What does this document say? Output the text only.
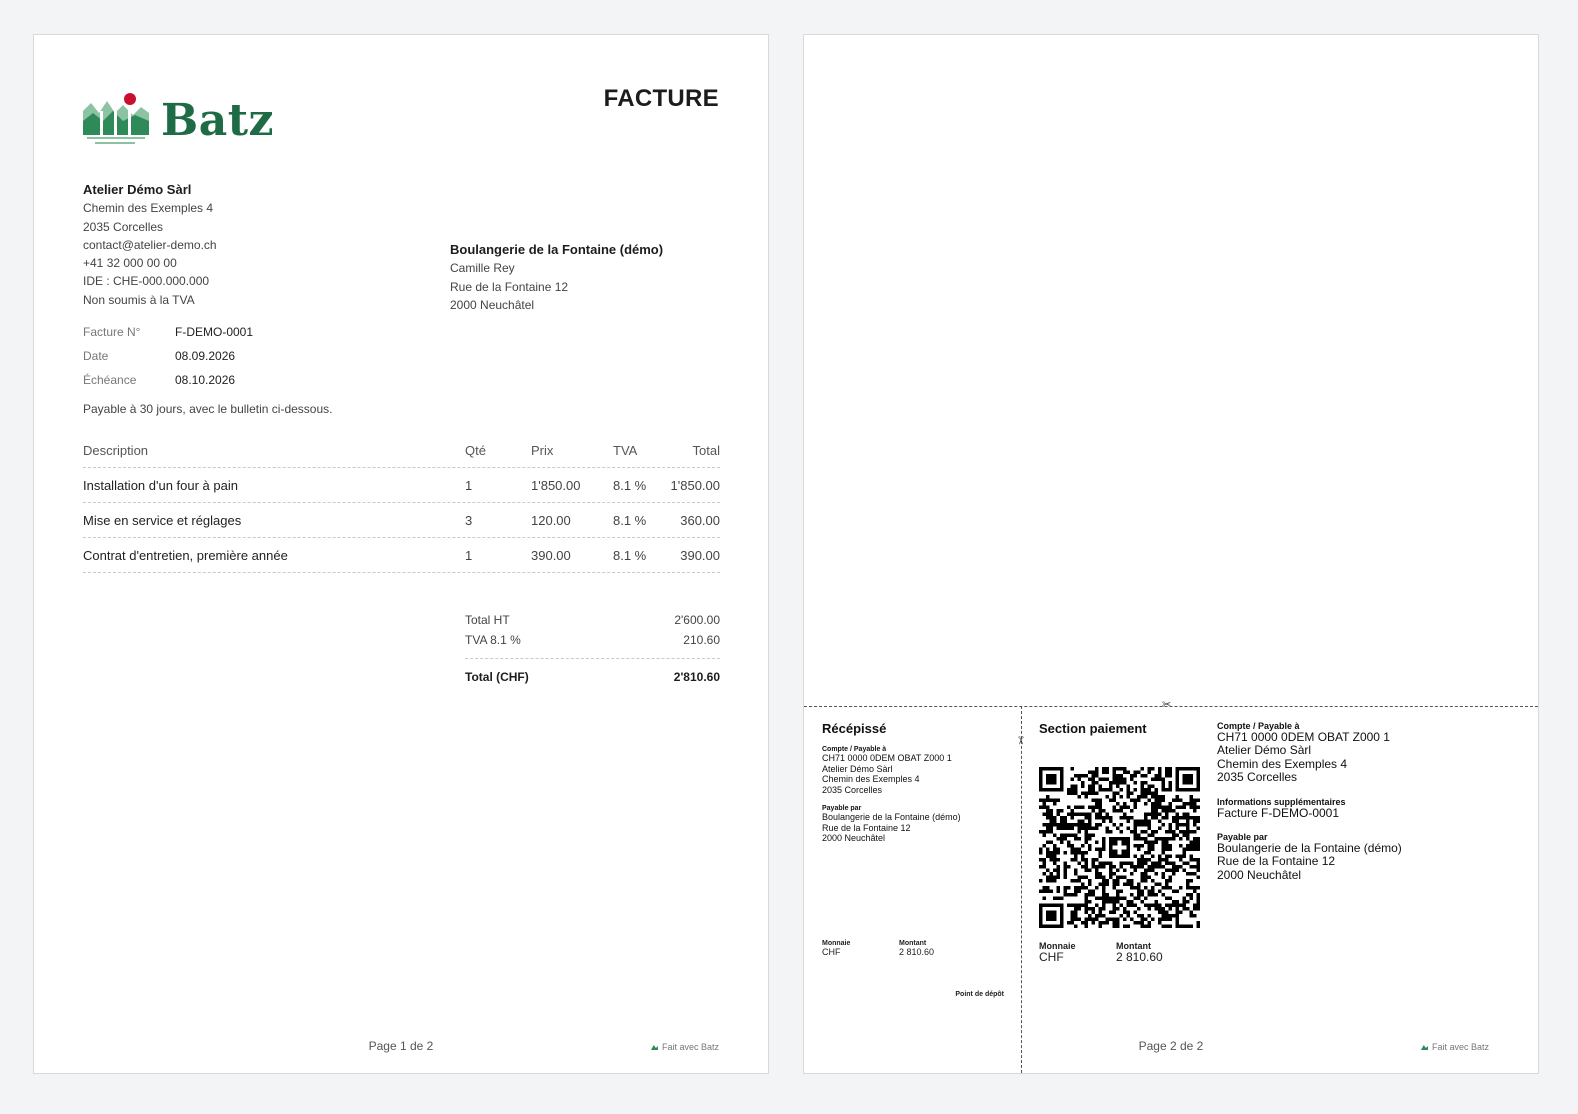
Batz	FACTURE
Atelier Démo Sàrl
Chemin des Exemples 4
2035 Corcelles
contact@atelier-demo.ch
+41 32 000 00 00
IDE : CHE-000.000.000
Non soumis à la TVA
Boulangerie de la Fontaine (démo)
Camille Rey
Rue de la Fontaine 12
2000 Neuchâtel
Facture N°	F-DEMO-0001
Date	08.09.2026
Échéance	08.10.2026
Payable à 30 jours, avec le bulletin ci-dessous.
Description	Qté	Prix	TVA	Total
Installation d'un four à pain	1	1'850.00	8.1 %	1'850.00
Mise en service et réglages	3	120.00	8.1 %	360.00
Contrat d'entretien, première année	1	390.00	8.1 %	390.00
Total HT	2'600.00
TVA 8.1 %	210.60
Total (CHF)	2'810.60
Page 1 de 2	Fait avec Batz
✂
✂
Récépissé
Compte / Payable à
CH71 0000 0DEM OBAT Z000 1
Atelier Démo Sàrl
Chemin des Exemples 4
2035 Corcelles
Payable par
Boulangerie de la Fontaine (démo)
Rue de la Fontaine 12
2000 Neuchâtel
Monnaie
CHF
Montant
2 810.60
Point de dépôt
Section paiement
Monnaie
CHF
Montant
2 810.60
Compte / Payable à
CH71 0000 0DEM OBAT Z000 1
Atelier Démo Sàrl
Chemin des Exemples 4
2035 Corcelles
Informations supplémentaires
Facture F-DEMO-0001
Payable par
Boulangerie de la Fontaine (démo)
Rue de la Fontaine 12
2000 Neuchâtel
Page 2 de 2	Fait avec Batz
